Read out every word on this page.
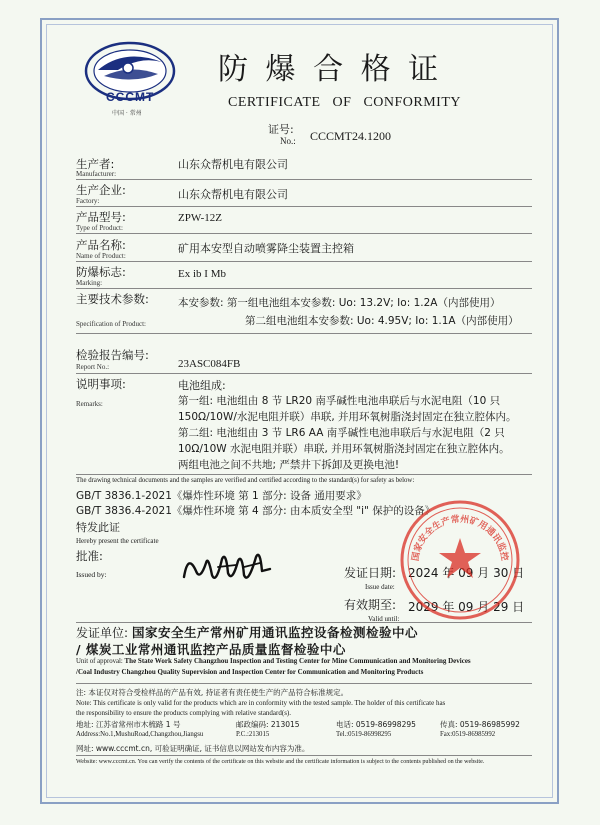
CCCMT
中国 · 常州
防 爆 合 格 证
CERTIFICATE OF CONFORMITY
证号:
No.: CCCMT24.1200
生产者:
Manufacturer:
山东众帮机电有限公司
生产企业:
Factory:	山东众帮机电有限公司
产品型号:
Type of Product:
ZPW-12Z
产品名称:
Name of Product:
矿用本安型自动喷雾降尘装置主控箱
防爆标志:
Marking:
Ex ib I Mb
主要技术参数:
Specification of Product:
本安参数: 第一组电池组本安参数: Uo: 13.2V; Io: 1.2A（内部使用）
第二组电池组本安参数: Uo: 4.95V; Io: 1.1A（内部使用）
检验报告编号:
Report No.:	23ASC084FB
说明事项:
Remarks:
电池组成:
第一组: 电池组由 8 节 LR20 南孚碱性电池串联后与水泥电阻（10 只
150Ω/10W/水泥电阻并联）串联, 并用环氧树脂浇封固定在独立腔体内。
第二组: 电池组由 3 节 LR6 AA 南孚碱性电池串联后与水泥电阻（2 只
10Ω/10W 水泥电阻并联）串联, 并用环氧树脂浇封固定在独立腔体内。
两组电池之间不共地; 严禁井下拆卸及更换电池!
The drawing technical documents and the samples are verified and certified according to the standard(s) for safety as below:
GB/T 3836.1-2021《爆炸性环境 第 1 部分: 设备 通用要求》
GB/T 3836.4-2021《爆炸性环境 第 4 部分: 由本质安全型 "i" 保护的设备》
特发此证
Hereby present the certificate
批准:
Issued by:	发证日期: 2024 年 09 月 30 日
Issue date:
有效期至: 2029 年 09 月 29 日
Valid until:
国家安全生产常州矿用通讯监控
发证单位: 国家安全生产常州矿用通讯监控设备检测检验中心
/ 煤炭工业常州通讯监控产品质量监督检验中心
Unit of approval: The State Work Safety Changzhou Inspection and Testing Center for Mine Communication and Monitoring Devices
/Coal Industry Changzhou Quality Supervision and Inspection Center for Communication and Monitoring Products
注: 本证仅对符合受检样品的产品有效, 持证者有责任使生产的产品符合标准规定。
Note: This certificate is only valid for the products which are in conformity with the tested sample. The holder of this certificate has
the responsibility to ensure the products complying with relative standard(s).
地址: 江苏省常州市木梳路 1 号	邮政编码: 213015	电话: 0519-86998295	传真: 0519-86985992
Address:No.1,MushuRoad,Changzhou,Jiangsu	P.C.:213015	Tel.:0519-86998295	Fax:0519-86985992
网址: www.cccmt.cn, 可验证明确证, 证书信息以网站发布内容为准。
Website: www.cccmt.cn. You can verify the contents of the certificate on this website and the certificate information is subject to the contents published on the website.
